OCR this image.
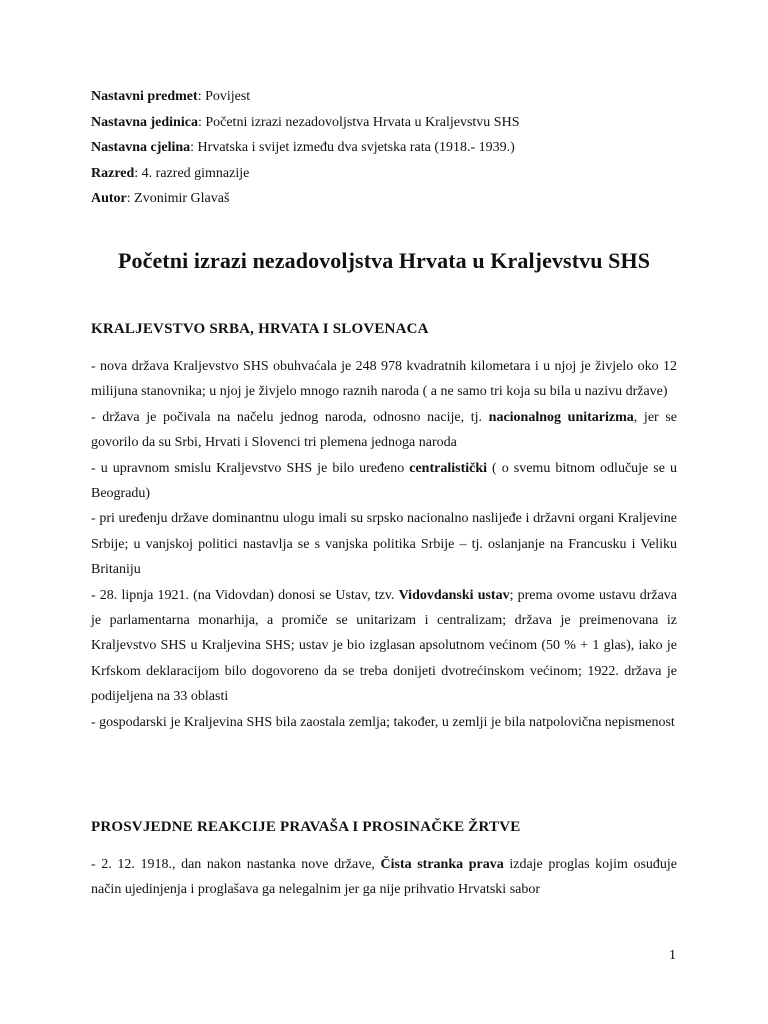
Nastavni predmet: Povijest
Nastavna jedinica: Početni izrazi nezadovoljstva Hrvata u Kraljevstvu SHS
Nastavna cjelina: Hrvatska i svijet između dva svjetska rata (1918.- 1939.)
Razred: 4. razred gimnazije
Autor: Zvonimir Glavaš
Početni izrazi nezadovoljstva Hrvata u Kraljevstvu SHS
KRALJEVSTVO SRBA, HRVATA I SLOVENACA

- nova država Kraljevstvo SHS obuhvaćala je 248 978 kvadratnih kilometara i u njoj je živjelo oko 12 milijuna stanovnika; u njoj je živjelo mnogo raznih naroda ( a ne samo tri koja su bila u nazivu države)

- država je počivala na načelu jednog naroda, odnosno nacije, tj. nacionalnog unitarizma, jer se govorilo da su Srbi, Hrvati i Slovenci tri plemena jednoga naroda

- u upravnom smislu Kraljevstvo SHS je bilo uređeno centralistički ( o svemu bitnom odlučuje se u Beogradu)

- pri uređenju države dominantnu ulogu imali su srpsko nacionalno naslijeđe i državni organi Kraljevine Srbije; u vanjskoj politici nastavlja se s vanjska politika Srbije – tj. oslanjanje na Francusku i Veliku Britaniju

- 28. lipnja 1921. (na Vidovdan) donosi se Ustav, tzv. Vidovdanski ustav; prema ovome ustavu država je parlamentarna monarhija, a promiče se unitarizam i centralizam; država je preimenovana iz Kraljevstvo SHS u Kraljevina SHS; ustav je bio izglasan apsolutnom većinom (50 % + 1 glas), iako je Krfskom deklaracijom bilo dogovoreno da se treba donijeti dvotrećinskom većinom; 1922. država je podijeljena na 33 oblasti

- gospodarski je Kraljevina SHS bila zaostala zemlja; također, u zemlji je bila natpolovična nepismenost

PROSVJEDNE REAKCIJE PRAVAŠA I PROSINAČKE ŽRTVE

- 2. 12. 1918., dan nakon nastanka nove države, Čista stranka prava izdaje proglas kojim osuđuje način ujedinjenja i proglašava ga nelegalnim jer ga nije prihvatio Hrvatski sabor

1
